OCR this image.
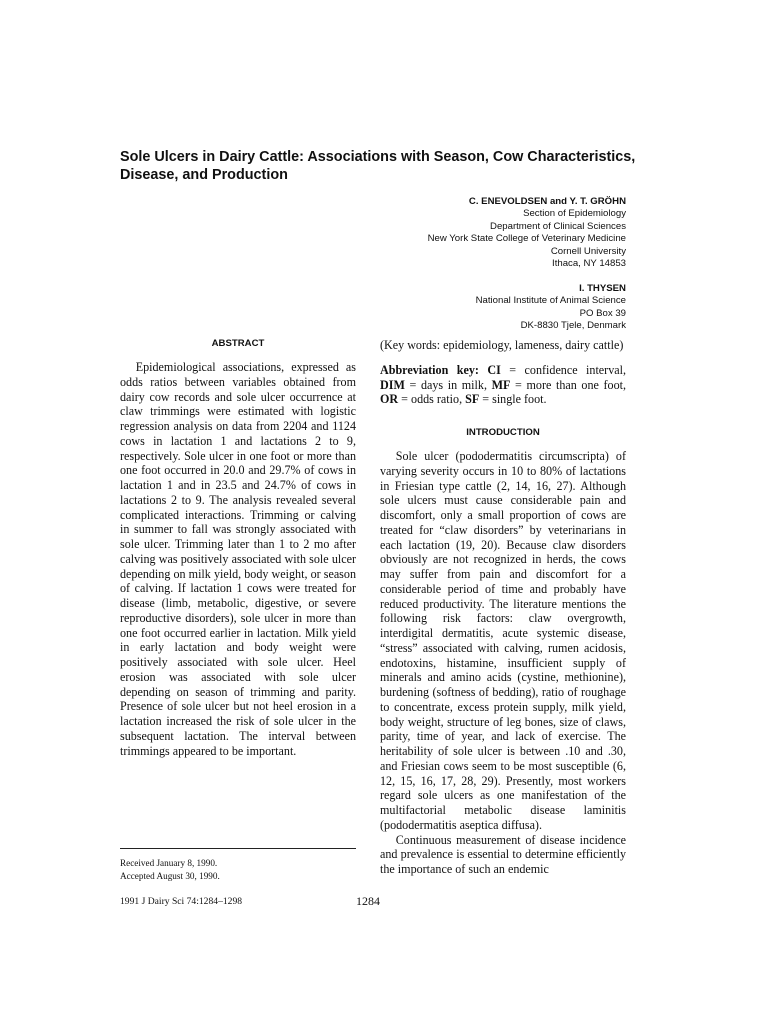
Sole Ulcers in Dairy Cattle: Associations with Season, Cow Characteristics, Disease, and Production
C. ENEVOLDSEN and Y. T. GRÖHN
Section of Epidemiology
Department of Clinical Sciences
New York State College of Veterinary Medicine
Cornell University
Ithaca, NY 14853
I. THYSEN
National Institute of Animal Science
PO Box 39
DK-8830 Tjele, Denmark
ABSTRACT

Epidemiological associations, expressed as odds ratios between variables obtained from dairy cow records and sole ulcer occurrence at claw trimmings were estimated with logistic regression analysis on data from 2204 and 1124 cows in lactation 1 and lactations 2 to 9, respectively. Sole ulcer in one foot or more than one foot occurred in 20.0 and 29.7% of cows in lactation 1 and in 23.5 and 24.7% of cows in lactations 2 to 9. The analysis revealed several complicated interactions. Trimming or calving in summer to fall was strongly associated with sole ulcer. Trimming later than 1 to 2 mo after calving was positively associated with sole ulcer depending on milk yield, body weight, or season of calving. If lactation 1 cows were treated for disease (limb, metabolic, digestive, or severe reproductive disorders), sole ulcer in more than one foot occurred earlier in lactation. Milk yield in early lactation and body weight were positively associated with sole ulcer. Heel erosion was associated with sole ulcer depending on season of trimming and parity. Presence of sole ulcer but not heel erosion in a lactation increased the risk of sole ulcer in the subsequent lactation. The interval between trimmings appeared to be important.

(Key words: epidemiology, lameness, dairy cattle)

Abbreviation key: CI = confidence interval, DIM = days in milk, MF = more than one foot, OR = odds ratio, SF = single foot.

INTRODUCTION

Sole ulcer (pododermatitis circumscripta) of varying severity occurs in 10 to 80% of lactations in Friesian type cattle (2, 14, 16, 27). Although sole ulcers must cause considerable pain and discomfort, only a small proportion of cows are treated for “claw disorders” by veterinarians in each lactation (19, 20). Because claw disorders obviously are not recognized in herds, the cows may suffer from pain and discomfort for a considerable period of time and probably have reduced productivity. The literature mentions the following risk factors: claw overgrowth, interdigital dermatitis, acute systemic disease, “stress” associated with calving, rumen acidosis, endotoxins, histamine, insufficient supply of minerals and amino acids (cystine, methionine), burdening (softness of bedding), ratio of roughage to concentrate, excess protein supply, milk yield, body weight, structure of leg bones, size of claws, parity, time of year, and lack of exercise. The heritability of sole ulcer is between .10 and .30, and Friesian cows seem to be most susceptible (6, 12, 15, 16, 17, 28, 29). Presently, most workers regard sole ulcers as one manifestation of the multifactorial metabolic disease laminitis (pododermatitis aseptica diffusa).

Continuous measurement of disease incidence and prevalence is essential to determine efficiently the importance of such an endemic

Received January 8, 1990.
Accepted August 30, 1990.
1991 J Dairy Sci 74:1284–1298	1284
